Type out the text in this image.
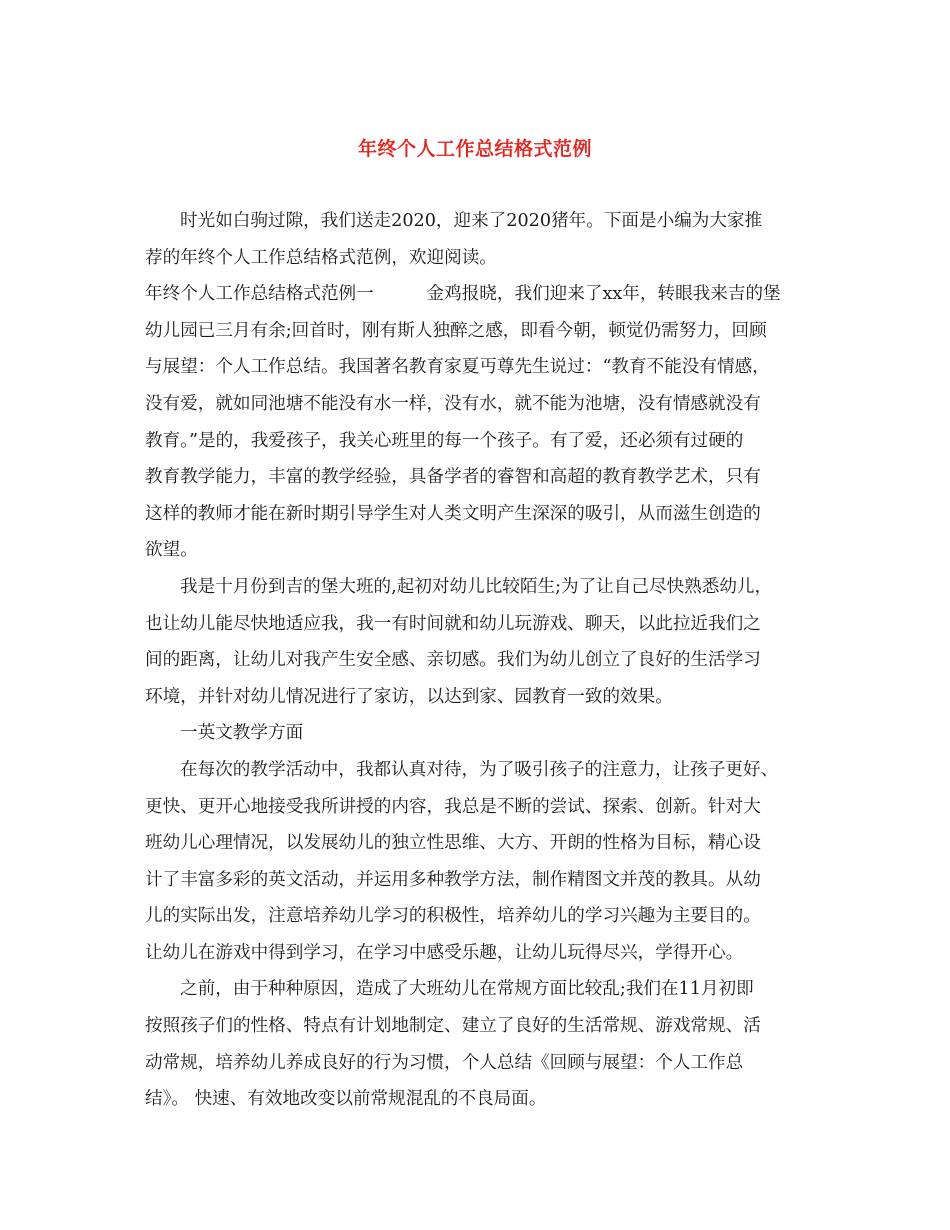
年终个人工作总结格式范例
时光如白驹过隙，我们送走2020，迎来了2020猪年。下面是小编为大家推
荐的年终个人工作总结格式范例，欢迎阅读。
年终个人工作总结格式范例一　　　金鸡报晓，我们迎来了xx年，转眼我来吉的堡
幼儿园已三月有余;回首时，刚有斯人独醉之感，即看今朝，顿觉仍需努力，回顾
与展望：个人工作总结。我国著名教育家夏丏尊先生说过：“教育不能没有情感，
没有爱，就如同池塘不能没有水一样，没有水，就不能为池塘，没有情感就没有
教育。”是的，我爱孩子，我关心班里的每一个孩子。有了爱，还必须有过硬的
教育教学能力，丰富的教学经验，具备学者的睿智和高超的教育教学艺术，只有
这样的教师才能在新时期引导学生对人类文明产生深深的吸引，从而滋生创造的
欲望。
我是十月份到吉的堡大班的,起初对幼儿比较陌生;为了让自己尽快熟悉幼儿，
也让幼儿能尽快地适应我，我一有时间就和幼儿玩游戏、聊天，以此拉近我们之
间的距离，让幼儿对我产生安全感、亲切感。我们为幼儿创立了良好的生活学习
环境，并针对幼儿情况进行了家访，以达到家、园教育一致的效果。
一英文教学方面
在每次的教学活动中，我都认真对待，为了吸引孩子的注意力，让孩子更好、
更快、更开心地接受我所讲授的内容，我总是不断的尝试、探索、创新。针对大
班幼儿心理情况，以发展幼儿的独立性思维、大方、开朗的性格为目标，精心设
计了丰富多彩的英文活动，并运用多种教学方法，制作精图文并茂的教具。从幼
儿的实际出发，注意培养幼儿学习的积极性，培养幼儿的学习兴趣为主要目的。
让幼儿在游戏中得到学习，在学习中感受乐趣，让幼儿玩得尽兴，学得开心。
之前，由于种种原因，造成了大班幼儿在常规方面比较乱;我们在11月初即
按照孩子们的性格、特点有计划地制定、建立了良好的生活常规、游戏常规、活
动常规，培养幼儿养成良好的行为习惯，个人总结《回顾与展望：个人工作总
结》。 快速、有效地改变以前常规混乱的不良局面。
